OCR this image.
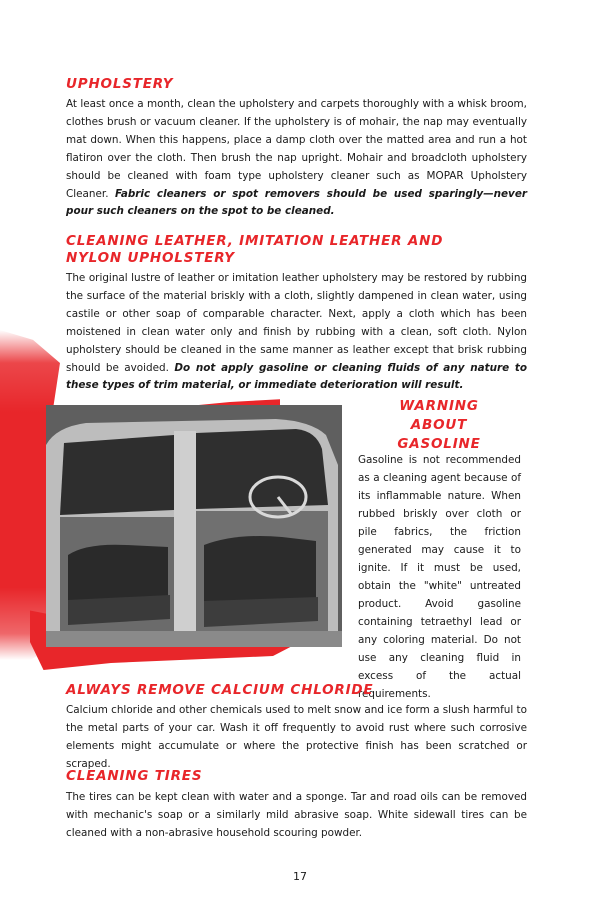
UPHOLSTERY

At least once a month, clean the upholstery and carpets thoroughly with a whisk broom, clothes brush or vacuum cleaner. If the upholstery is of mohair, the nap may eventually mat down. When this happens, place a damp cloth over the matted area and run a hot flatiron over the cloth. Then brush the nap upright. Mohair and broadcloth upholstery should be cleaned with foam type upholstery cleaner such as MOPAR Upholstery Cleaner. Fabric cleaners or spot removers should be used sparingly—never pour such cleaners on the spot to be cleaned.

CLEANING LEATHER, IMITATION LEATHER AND
NYLON UPHOLSTERY

The original lustre of leather or imitation leather upholstery may be restored by rubbing the surface of the material briskly with a cloth, slightly dampened in clean water, using castile or other soap of comparable character. Next, apply a cloth which has been moistened in clean water only and finish by rubbing with a clean, soft cloth. Nylon upholstery should be cleaned in the same manner as leather except that brisk rubbing should be avoided. Do not apply gasoline or cleaning fluids of any nature to these types of trim material, or immediate deterioration will result.

WARNING
ABOUT
GASOLINE

Gasoline is not recommended as a cleaning agent because of its inflammable nature. When rubbed briskly over cloth or pile fabrics, the friction generated may cause it to ignite. If it must be used, obtain the "white" untreated product. Avoid gasoline containing tetraethyl lead or any coloring material. Do not use any cleaning fluid in excess of the actual requirements.

ALWAYS REMOVE CALCIUM CHLORIDE

Calcium chloride and other chemicals used to melt snow and ice form a slush harmful to the metal parts of your car. Wash it off frequently to avoid rust where such corrosive elements might accumulate or where the protective finish has been scratched or scraped.

CLEANING TIRES

The tires can be kept clean with water and a sponge. Tar and road oils can be removed with mechanic's soap or a similarly mild abrasive soap. White sidewall tires can be cleaned with a non-abrasive household scouring powder.

17
